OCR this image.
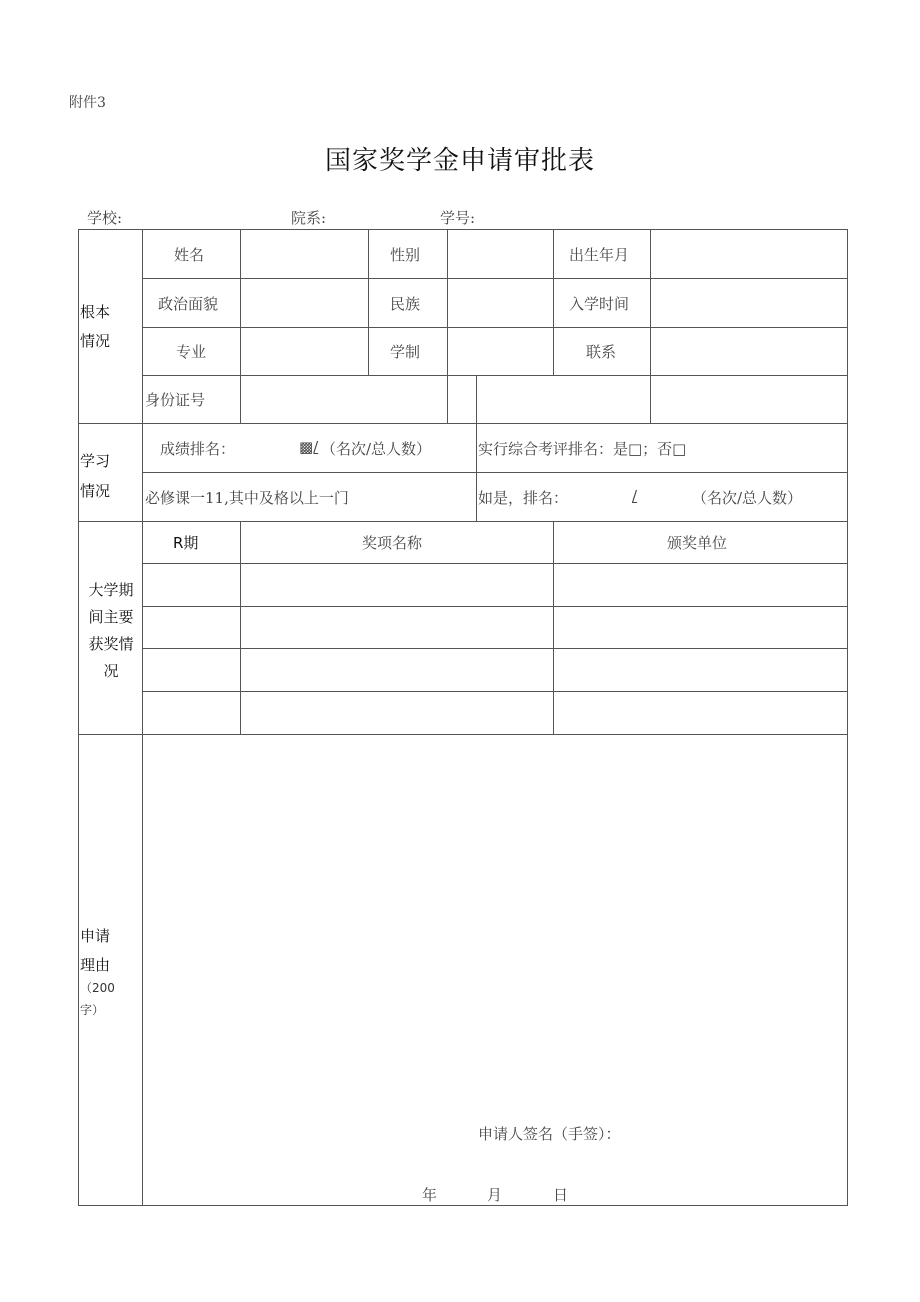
附件3
国家奖学金申请审批表
学校:	院系:	学号:
根本情况
姓名	性别	出生年月
政治面貌	民族	入学时间
专业	学制	联系
身份证号
学习情况
成绩排名：	▩/ （名次/总人数）	实行综合考评排名：是□；否□
必修课一11,其中及格以上一门	如是，排名：	/	（名次/总人数）
大学期间主要获奖情况
R期	奖项名称	颁奖单位
申请理由
（200字）
申请人签名（手签）：
年	月	日
